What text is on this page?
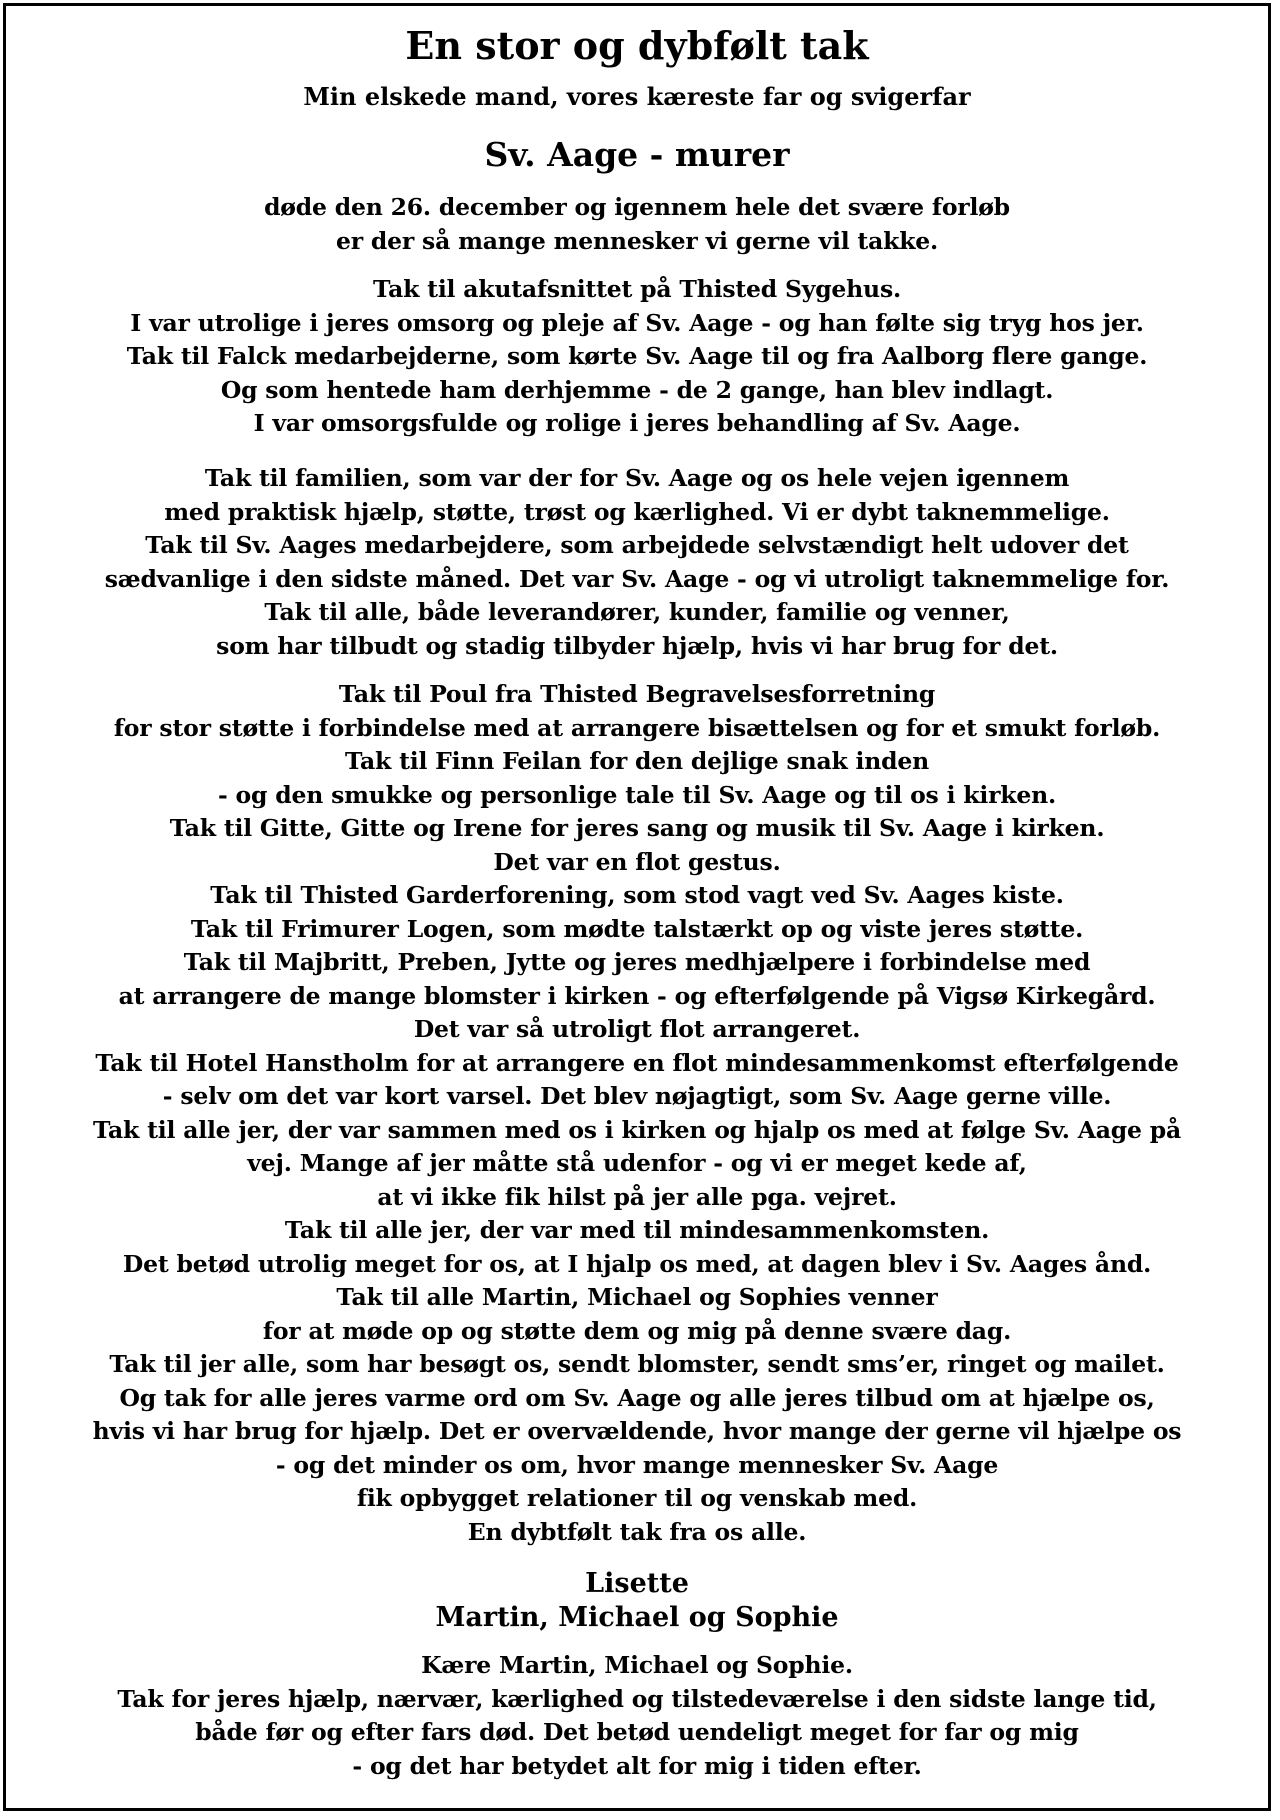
En stor og dybfølt tak
Min elskede mand, vores kæreste far og svigerfar
Sv. Aage - murer
døde den 26. december og igennem hele det svære forløb
er der så mange mennesker vi gerne vil takke.
Tak til akutafsnittet på Thisted Sygehus.
I var utrolige i jeres omsorg og pleje af Sv. Aage - og han følte sig tryg hos jer.
Tak til Falck medarbejderne, som kørte Sv. Aage til og fra Aalborg flere gange.
Og som hentede ham derhjemme - de 2 gange, han blev indlagt.
I var omsorgsfulde og rolige i jeres behandling af Sv. Aage.
Tak til familien, som var der for Sv. Aage og os hele vejen igennem
med praktisk hjælp, støtte, trøst og kærlighed. Vi er dybt taknemmelige.
Tak til Sv. Aages medarbejdere, som arbejdede selvstændigt helt udover det
sædvanlige i den sidste måned. Det var Sv. Aage - og vi utroligt taknemmelige for.
Tak til alle, både leverandører, kunder, familie og venner,
som har tilbudt og stadig tilbyder hjælp, hvis vi har brug for det.
Tak til Poul fra Thisted Begravelsesforretning
for stor støtte i forbindelse med at arrangere bisættelsen og for et smukt forløb.
Tak til Finn Feilan for den dejlige snak inden
- og den smukke og personlige tale til Sv. Aage og til os i kirken.
Tak til Gitte, Gitte og Irene for jeres sang og musik til Sv. Aage i kirken.
Det var en flot gestus.
Tak til Thisted Garderforening, som stod vagt ved Sv. Aages kiste.
Tak til Frimurer Logen, som mødte talstærkt op og viste jeres støtte.
Tak til Majbritt, Preben, Jytte og jeres medhjælpere i forbindelse med
at arrangere de mange blomster i kirken - og efterfølgende på Vigsø Kirkegård.
Det var så utroligt flot arrangeret.
Tak til Hotel Hanstholm for at arrangere en flot mindesammenkomst efterfølgende
- selv om det var kort varsel. Det blev nøjagtigt, som Sv. Aage gerne ville.
Tak til alle jer, der var sammen med os i kirken og hjalp os med at følge Sv. Aage på
vej. Mange af jer måtte stå udenfor - og vi er meget kede af,
at vi ikke fik hilst på jer alle pga. vejret.
Tak til alle jer, der var med til mindesammenkomsten.
Det betød utrolig meget for os, at I hjalp os med, at dagen blev i Sv. Aages ånd.
Tak til alle Martin, Michael og Sophies venner
for at møde op og støtte dem og mig på denne svære dag.
Tak til jer alle, som har besøgt os, sendt blomster, sendt sms’er, ringet og mailet.
Og tak for alle jeres varme ord om Sv. Aage og alle jeres tilbud om at hjælpe os,
hvis vi har brug for hjælp. Det er overvældende, hvor mange der gerne vil hjælpe os
- og det minder os om, hvor mange mennesker Sv. Aage
fik opbygget relationer til og venskab med.
En dybtfølt tak fra os alle.
Lisette
Martin, Michael og Sophie
Kære Martin, Michael og Sophie.
Tak for jeres hjælp, nærvær, kærlighed og tilstedeværelse i den sidste lange tid,
både før og efter fars død. Det betød uendeligt meget for far og mig
- og det har betydet alt for mig i tiden efter.
